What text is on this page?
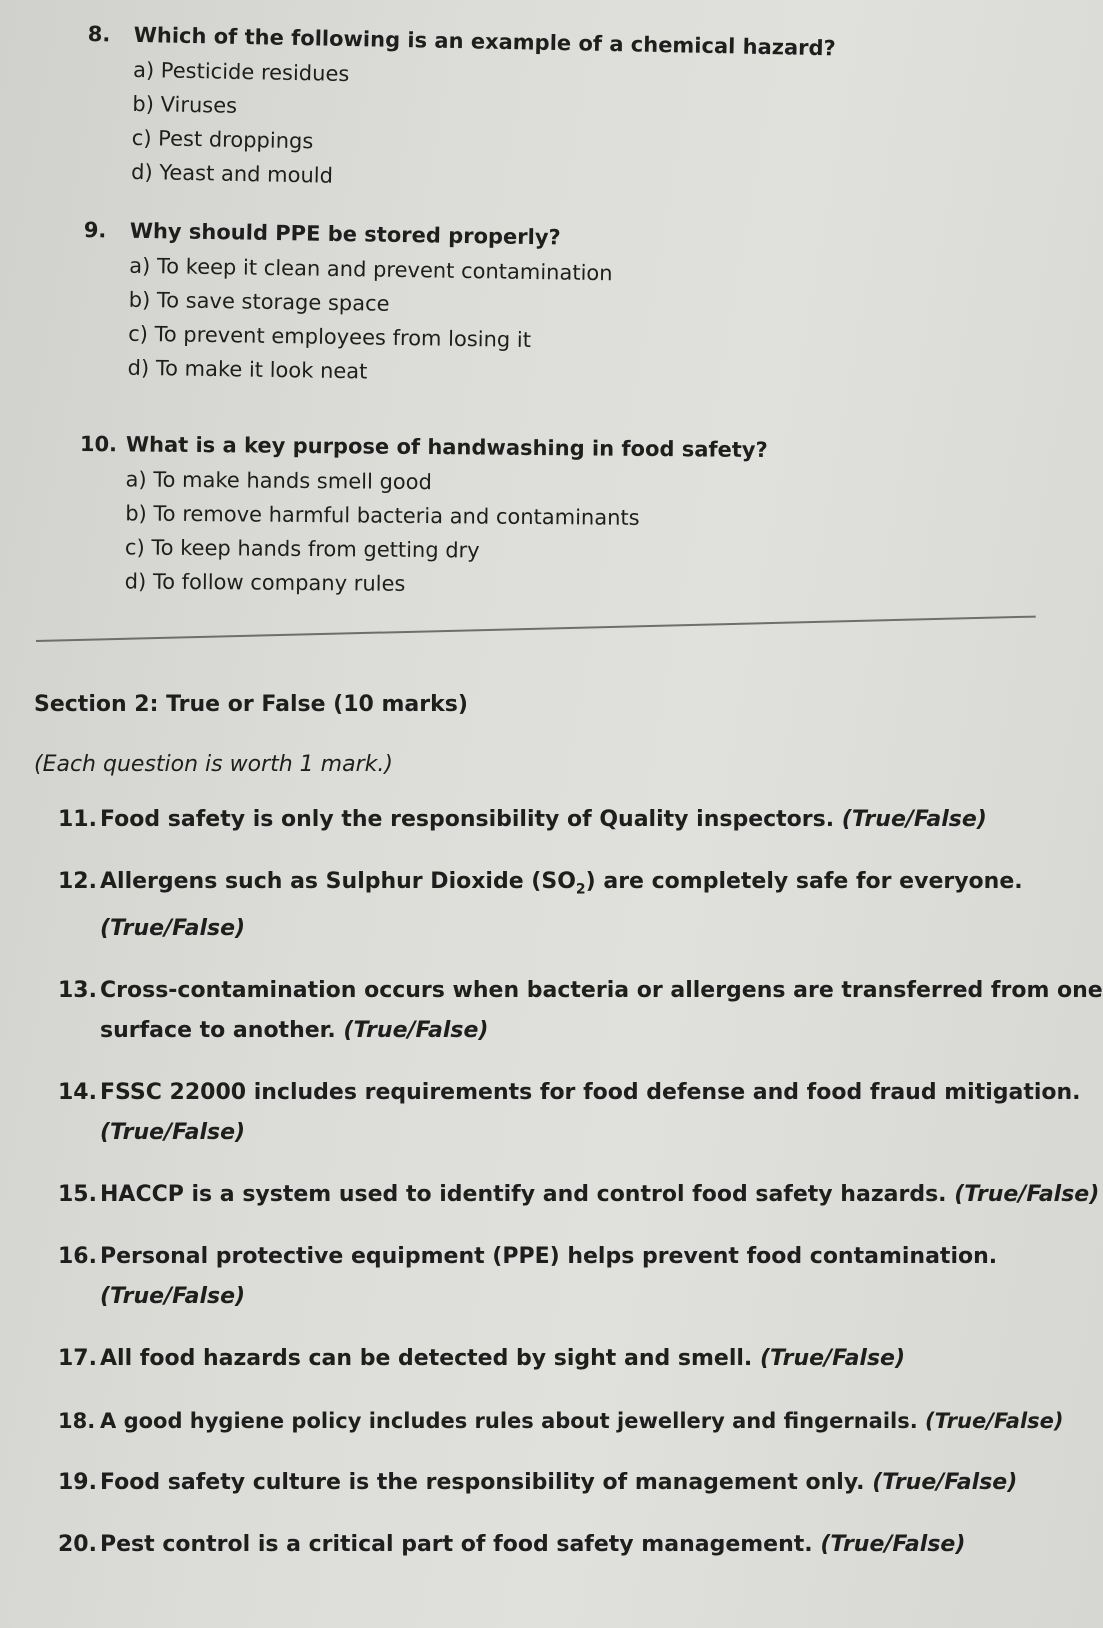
8. Which of the following is an example of a chemical hazard?
a) Pesticide residues
b) Viruses
c) Pest droppings
d) Yeast and mould
9. Why should PPE be stored properly?
a) To keep it clean and prevent contamination
b) To save storage space
c) To prevent employees from losing it
d) To make it look neat
10. What is a key purpose of handwashing in food safety?
a) To make hands smell good
b) To remove harmful bacteria and contaminants
c) To keep hands from getting dry
d) To follow company rules
Section 2: True or False (10 marks)
(Each question is worth 1 mark.)
11. Food safety is only the responsibility of Quality inspectors. (True/False)
12. Allergens such as Sulphur Dioxide $(SO_2)$ are completely safe for everyone.
(True/False)
13. Cross-contamination occurs when bacteria or allergens are transferred from one
surface to another. (True/False)
14. FSSC 22000 includes requirements for food defense and food fraud mitigation.
(True/False)
15. HACCP is a system used to identify and control food safety hazards. (True/False)
16. Personal protective equipment (PPE) helps prevent food contamination.
(True/False)
17. All food hazards can be detected by sight and smell. (True/False)
18. A good hygiene policy includes rules about jewellery and fingernails. (True/False)
19. Food safety culture is the responsibility of management only. (True/False)
20. Pest control is a critical part of food safety management. (True/False)
